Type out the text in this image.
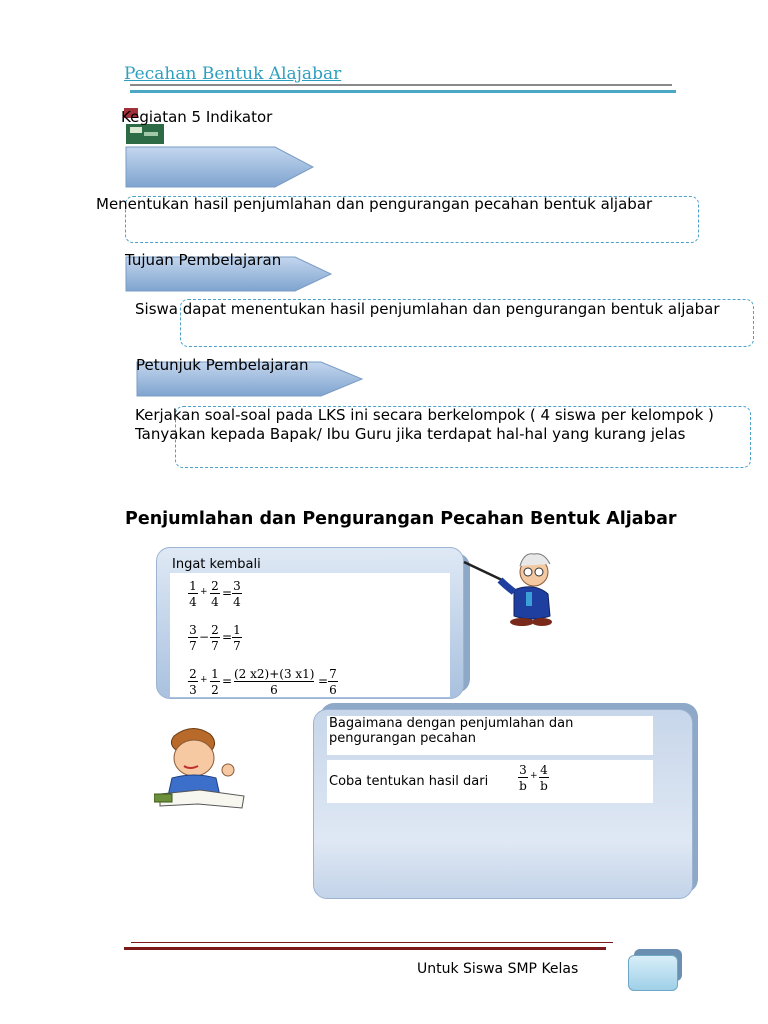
Pecahan Bentuk Alajabar
Kegiatan 5 Indikator
Menentukan hasil penjumlahan dan pengurangan pecahan bentuk aljabar
Tujuan Pembelajaran
Siswa dapat menentukan hasil penjumlahan dan pengurangan bentuk aljabar
Petunjuk Pembelajaran
Kerjakan soal-soal pada LKS ini secara berkelompok ( 4 siswa per kelompok )
Tanyakan kepada Bapak/ Ibu Guru jika terdapat hal-hal yang kurang jelas
Penjumlahan dan Pengurangan Pecahan Bentuk Aljabar
1
4
+ 2
4
= 3
4
3
7
− 2
7
= 1
7
2
3
+ 1
2
= (2 x2)+(3 x1)
6
= 7
6
Ingat kembali
Bagaimana dengan penjumlahan dan pengurangan pecahan
Coba tentukan hasil dari
3
b
+ 4
b
Untuk Siswa SMP Kelas
